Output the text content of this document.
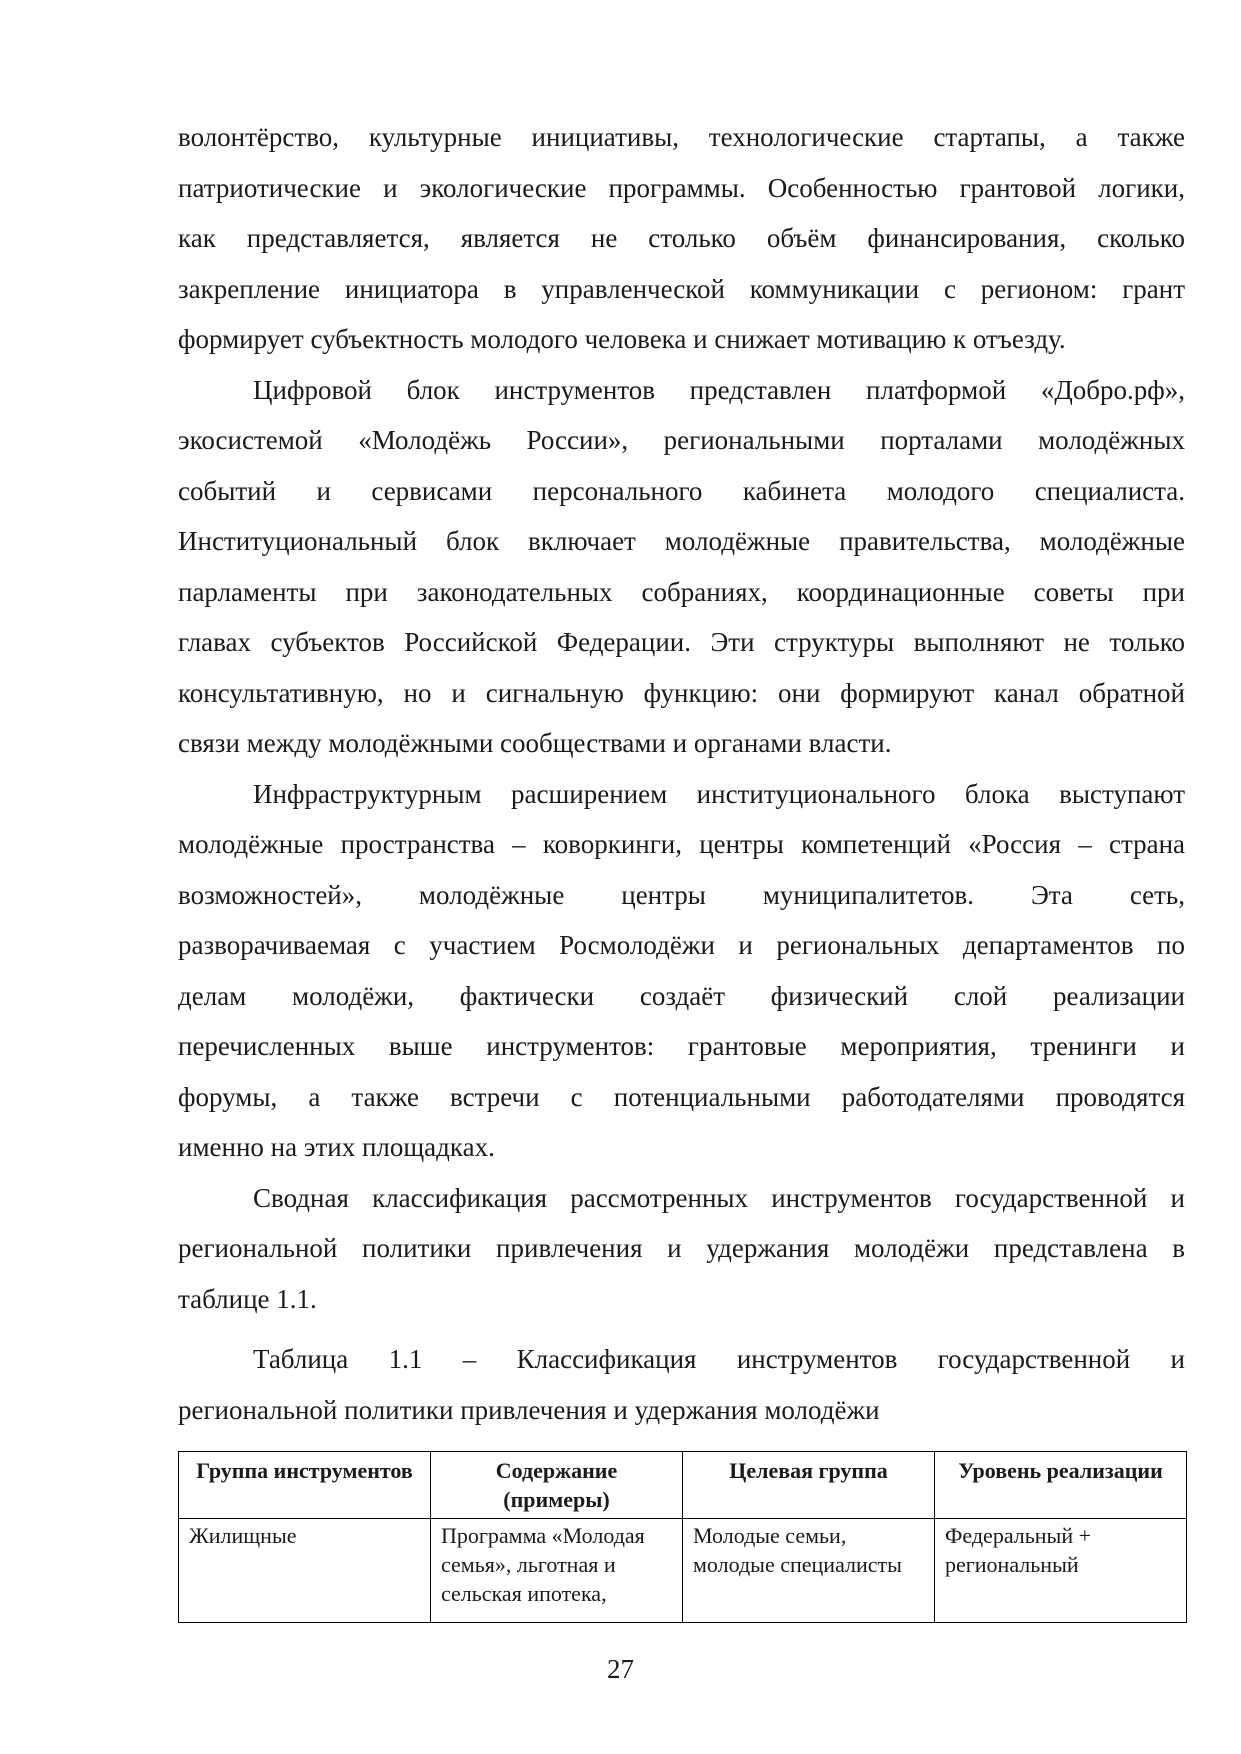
волонтёрство, культурные инициативы, технологические стартапы, а также
патриотические и экологические программы. Особенностью грантовой логики,
как представляется, является не столько объём финансирования, сколько
закрепление инициатора в управленческой коммуникации с регионом: грант
формирует субъектность молодого человека и снижает мотивацию к отъезду.

Цифровой блок инструментов представлен платформой «Добро.рф»,
экосистемой «Молодёжь России», региональными порталами молодёжных
событий и сервисами персонального кабинета молодого специалиста.
Институциональный блок включает молодёжные правительства, молодёжные
парламенты при законодательных собраниях, координационные советы при
главах субъектов Российской Федерации. Эти структуры выполняют не только
консультативную, но и сигнальную функцию: они формируют канал обратной
связи между молодёжными сообществами и органами власти.

Инфраструктурным расширением институционального блока выступают
молодёжные пространства – коворкинги, центры компетенций «Россия – страна
возможностей», молодёжные центры муниципалитетов. Эта сеть,
разворачиваемая с участием Росмолодёжи и региональных департаментов по
делам молодёжи, фактически создаёт физический слой реализации
перечисленных выше инструментов: грантовые мероприятия, тренинги и
форумы, а также встречи с потенциальными работодателями проводятся
именно на этих площадках.

Сводная классификация рассмотренных инструментов государственной и
региональной политики привлечения и удержания молодёжи представлена в
таблице 1.1.

Таблица 1.1 – Классификация инструментов государственной и
региональной политики привлечения и удержания молодёжи

Группа инструментов	Содержание (примеры)	Целевая группа	Уровень реализации
Жилищные	Программа «Молодая семья», льготная и сельская ипотека,	Молодые семьи, молодые специалисты	Федеральный + региональный
27
